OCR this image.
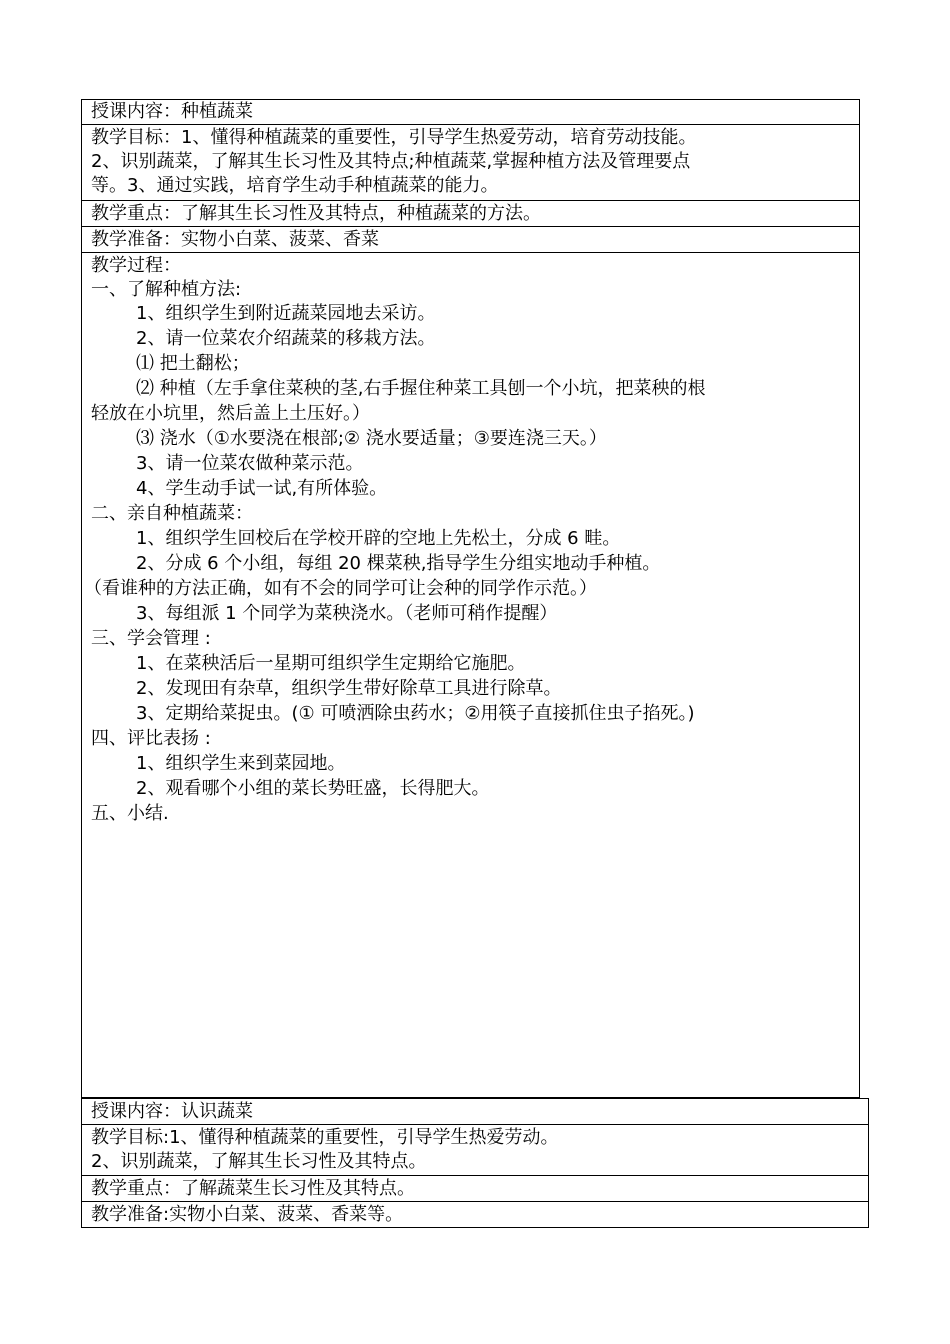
授课内容：种植蔬菜
教学目标：1、懂得种植蔬菜的重要性，引导学生热爱劳动，培育劳动技能。
2、识别蔬菜，了解其生长习性及其特点;种植蔬菜,掌握种植方法及管理要点
等。3、通过实践，培育学生动手种植蔬菜的能力。
教学重点：了解其生长习性及其特点，种植蔬菜的方法。
教学准备：实物小白菜、菠菜、香菜
教学过程：
一、了解种植方法:
1、组织学生到附近蔬菜园地去采访。
2、请一位菜农介绍蔬菜的移栽方法。
⑴ 把土翻松；
⑵ 种植（左手拿住菜秧的茎,右手握住种菜工具刨一个小坑，把菜秧的根
轻放在小坑里，然后盖上土压好。）
⑶ 浇水（①水要浇在根部;② 浇水要适量；③要连浇三天。）
3、请一位菜农做种菜示范。
4、学生动手试一试,有所体验。
二、亲自种植蔬菜：
1、组织学生回校后在学校开辟的空地上先松土，分成 6 畦。
2、分成 6 个小组，每组 20 棵菜秧,指导学生分组实地动手种植。
（看谁种的方法正确，如有不会的同学可让会种的同学作示范。）
3、每组派 1 个同学为菜秧浇水。（老师可稍作提醒）
三、学会管理 :
1、在菜秧活后一星期可组织学生定期给它施肥。
2、发现田有杂草，组织学生带好除草工具进行除草。
3、定期给菜捉虫。(① 可喷洒除虫药水；②用筷子直接抓住虫子掐死。)
四、评比表扬 :
1、组织学生来到菜园地。
2、观看哪个小组的菜长势旺盛，长得肥大。
五、小结.
授课内容：认识蔬菜
教学目标:1、懂得种植蔬菜的重要性，引导学生热爱劳动。
2、识别蔬菜，了解其生长习性及其特点。
教学重点：了解蔬菜生长习性及其特点。
教学准备:实物小白菜、菠菜、香菜等。
